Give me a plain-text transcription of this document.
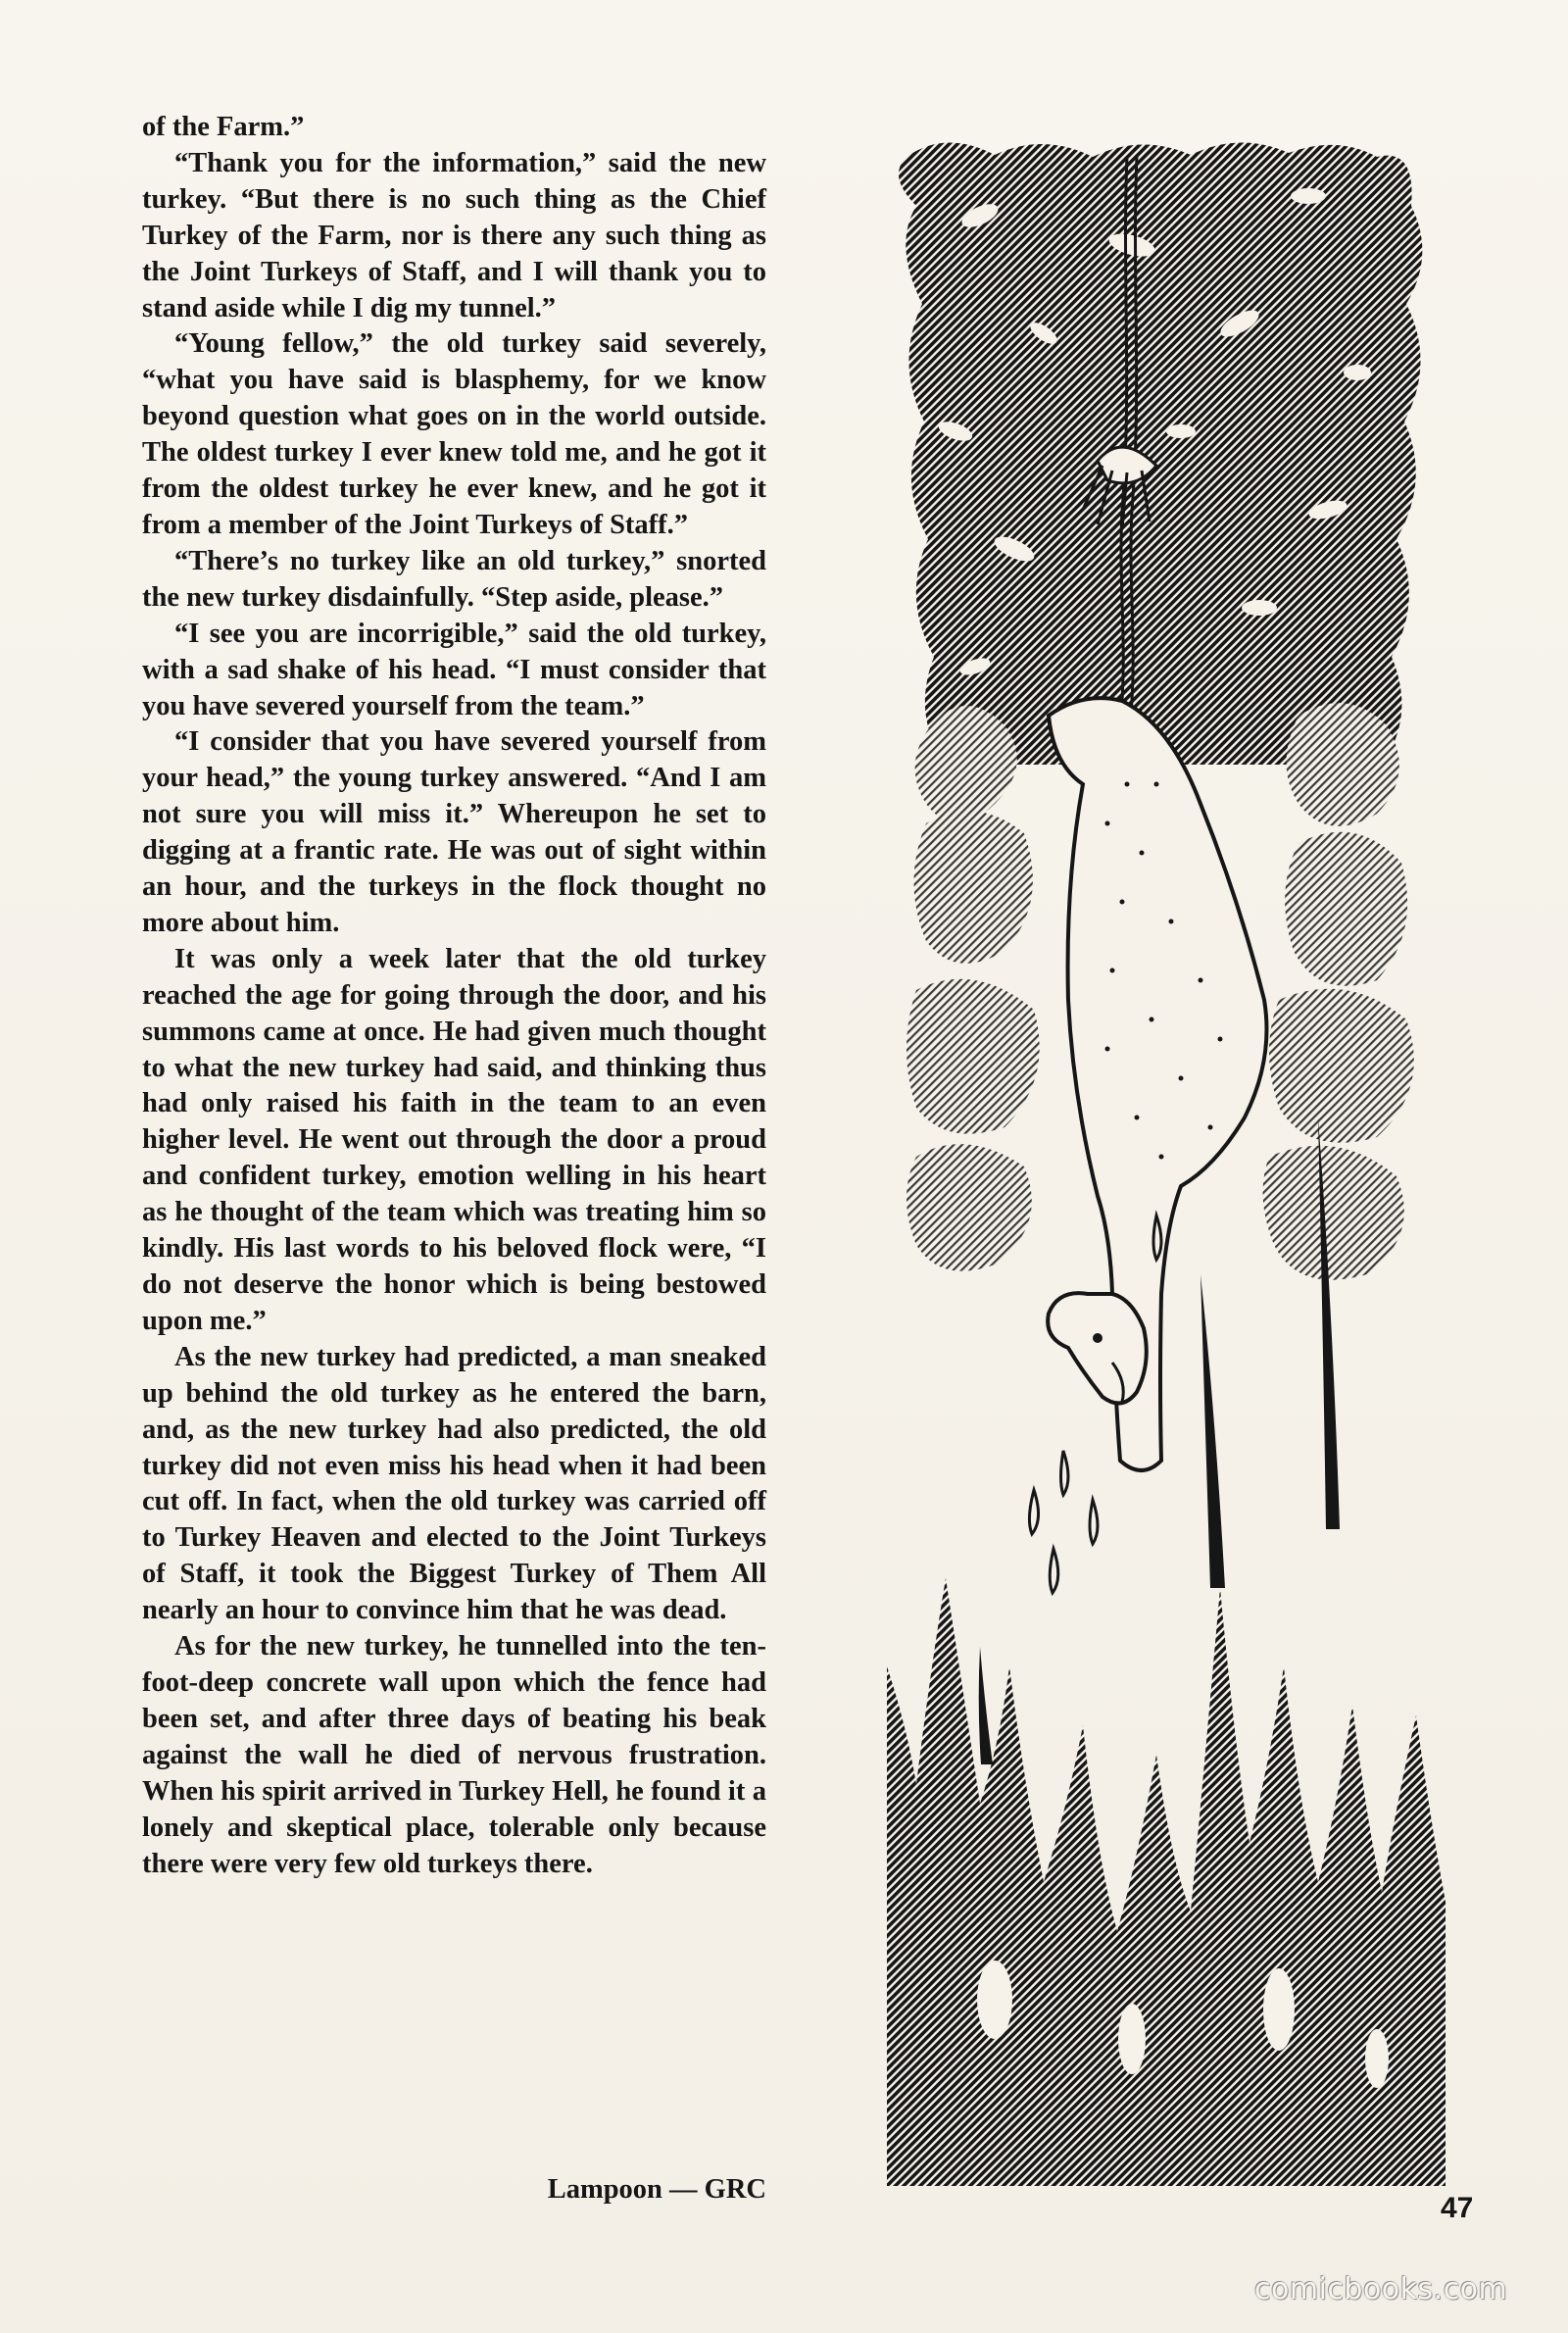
of the Farm.”

“Thank you for the information,” said the new turkey. “But there is no such thing as the Chief Turkey of the Farm, nor is there any such thing as the Joint Turkeys of Staff, and I will thank you to stand aside while I dig my tunnel.”

“Young fellow,” the old turkey said severely, “what you have said is blasphemy, for we know beyond question what goes on in the world outside. The oldest turkey I ever knew told me, and he got it from the oldest turkey he ever knew, and he got it from a member of the Joint Turkeys of Staff.”

“There’s no turkey like an old turkey,” snorted the new turkey disdainfully. “Step aside, please.”

“I see you are incorrigible,” said the old turkey, with a sad shake of his head. “I must consider that you have severed yourself from the team.”

“I consider that you have severed yourself from your head,” the young turkey answered. “And I am not sure you will miss it.” Whereupon he set to digging at a frantic rate. He was out of sight within an hour, and the turkeys in the flock thought no more about him.

It was only a week later that the old turkey reached the age for going through the door, and his summons came at once. He had given much thought to what the new turkey had said, and thinking thus had only raised his faith in the team to an even higher level. He went out through the door a proud and confident turkey, emotion welling in his heart as he thought of the team which was treating him so kindly. His last words to his beloved flock were, “I do not deserve the honor which is being bestowed upon me.”

As the new turkey had predicted, a man sneaked up behind the old turkey as he entered the barn, and, as the new turkey had also predicted, the old turkey did not even miss his head when it had been cut off. In fact, when the old turkey was carried off to Turkey Heaven and elected to the Joint Turkeys of Staff, it took the Biggest Turkey of Them All nearly an hour to convince him that he was dead.

As for the new turkey, he tunnelled into the ten-foot-deep concrete wall upon which the fence had been set, and after three days of beating his beak against the wall he died of nervous frustration. When his spirit arrived in Turkey Hell, he found it a lonely and skeptical place, tolerable only because there were very few old turkeys there.

Lampoon — GRC
47
comicbooks.com
